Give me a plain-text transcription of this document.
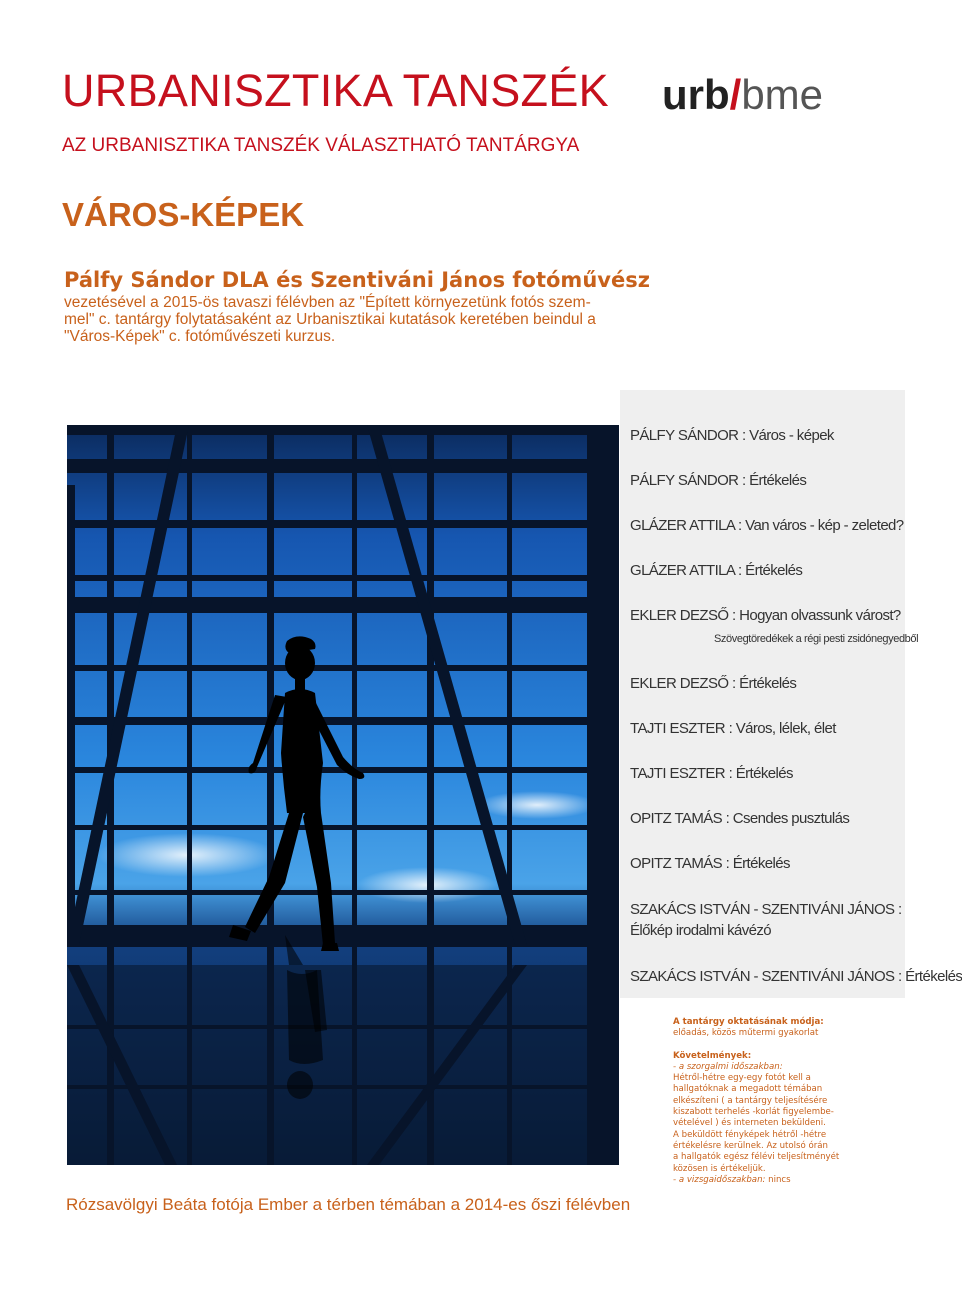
URBANISZTIKA TANSZÉK urb/bme
AZ URBANISZTIKA TANSZÉK VÁLASZTHATÓ TANTÁRGYA
VÁROS-KÉPEK
Pálfy Sándor DLA és Szentiváni János fotóművész
vezetésével a 2015-ös tavaszi félévben az "Épített környezetünk fotós szem-
mel" c. tantárgy folytatásaként az Urbanisztikai kutatások keretében beindul a
"Város-Képek" c. fotóművészeti kurzus.
Rózsavölgyi Beáta fotója Ember a térben témában a 2014-es őszi félévben
PÁLFY SÁNDOR : Város - képek
PÁLFY SÁNDOR : Értékelés
GLÁZER ATTILA : Van város - kép - zeleted?
GLÁZER ATTILA : Értékelés
EKLER DEZSŐ : Hogyan olvassunk várost?
Szövegtöredékek a régi pesti zsidónegyedből
EKLER DEZSŐ : Értékelés
TAJTI ESZTER : Város, lélek, élet
TAJTI ESZTER : Értékelés
OPITZ TAMÁS : Csendes pusztulás
OPITZ TAMÁS : Értékelés
SZAKÁCS ISTVÁN - SZENTIVÁNI JÁNOS :
Élőkép irodalmi kávézó
SZAKÁCS ISTVÁN - SZENTIVÁNI JÁNOS : Értékelés

A tantárgy oktatásának módja:

előadás, közös műtermi gyakorlat

Követelmények:

- a szorgalmi időszakban:

Hétről-hétre egy-egy fotót kell a

hallgatóknak a megadott témában

elkészíteni ( a tantárgy teljesítésére

kiszabott terhelés -korlát figyelembe-

vételével ) és interneten beküldeni.

A beküldött fényképek hétről -hétre

értékelésre kerülnek. Az utolsó órán

a hallgatók egész félévi teljesítményét

közösen is értékeljük.

- a vizsgaidőszakban: nincs
